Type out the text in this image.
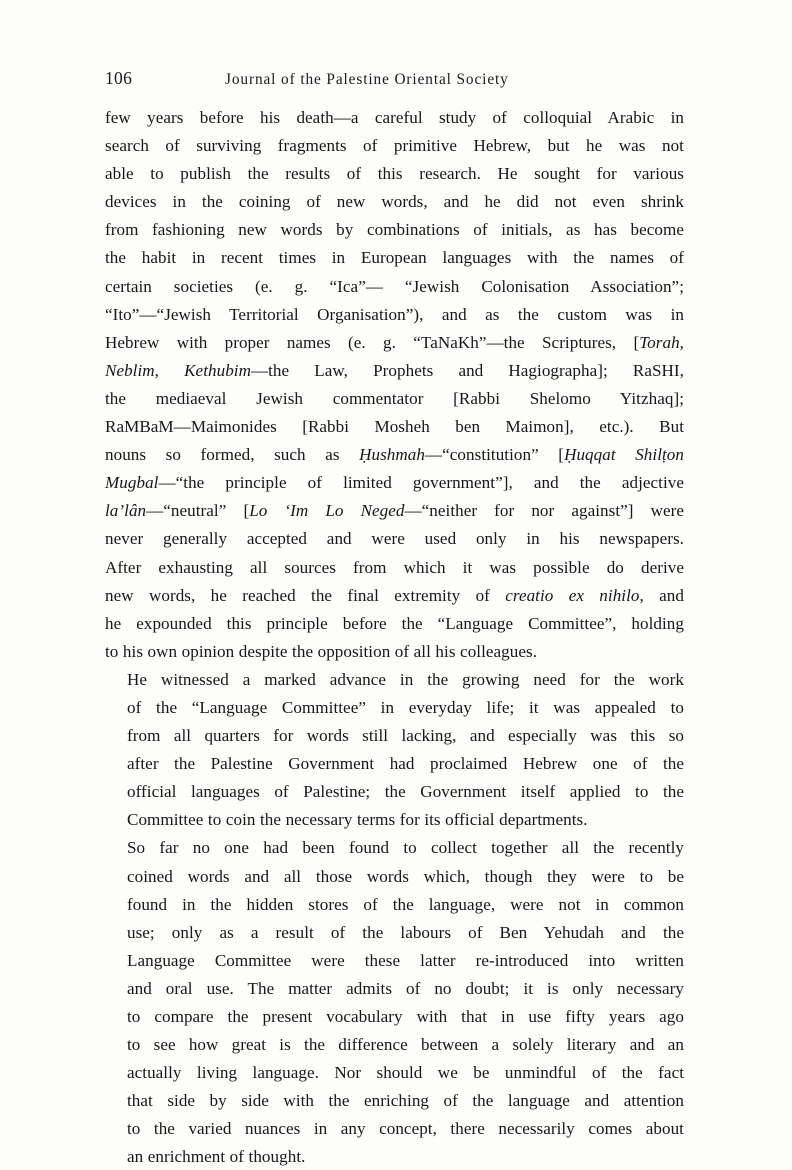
106	Journal of the Palestine Oriental Society

few years before his death—a careful study of colloquial Arabic in
search of surviving fragments of primitive Hebrew, but he was not
able to publish the results of this research. He sought for various
devices in the coining of new words, and he did not even shrink
from fashioning new words by combinations of initials, as has become
the habit in recent times in European languages with the names of
certain societies (e. g. “Ica”— “Jewish Colonisation Association”;
“Ito”—“Jewish Territorial Organisation”), and as the custom was in
Hebrew with proper names (e. g. “TaNaKh”—the Scriptures, [Torah,
Neblim, Kethubim—the Law, Prophets and Hagiographa]; RaSHI,
the mediaeval Jewish commentator [Rabbi Shelomo Yitzhaq];
RaMBaM—Maimonides [Rabbi Mosheh ben Maimon], etc.). But
nouns so formed, such as Ḥushmah—“constitution” [Ḥuqqat Shilṭon
Mugbal—“the principle of limited government”], and the adjective
la’lân—“neutral” [Lo ‘Im Lo Neged—“neither for nor against”] were
never generally accepted and were used only in his newspapers.
After exhausting all sources from which it was possible do derive
new words, he reached the final extremity of creatio ex nihilo, and
he expounded this principle before the “Language Committee”, holding
to his own opinion despite the opposition of all his colleagues.

He witnessed a marked advance in the growing need for the work
of the “Language Committee” in everyday life; it was appealed to
from all quarters for words still lacking, and especially was this so
after the Palestine Government had proclaimed Hebrew one of the
official languages of Palestine; the Government itself applied to the
Committee to coin the necessary terms for its official departments.

So far no one had been found to collect together all the recently
coined words and all those words which, though they were to be
found in the hidden stores of the language, were not in common
use; only as a result of the labours of Ben Yehudah and the
Language Committee were these latter re-introduced into written
and oral use. The matter admits of no doubt; it is only necessary
to compare the present vocabulary with that in use fifty years ago
to see how great is the difference between a solely literary and an
actually living language. Nor should we be unmindful of the fact
that side by side with the enriching of the language and attention
to the varied nuances in any concept, there necessarily comes about
an enrichment of thought.
